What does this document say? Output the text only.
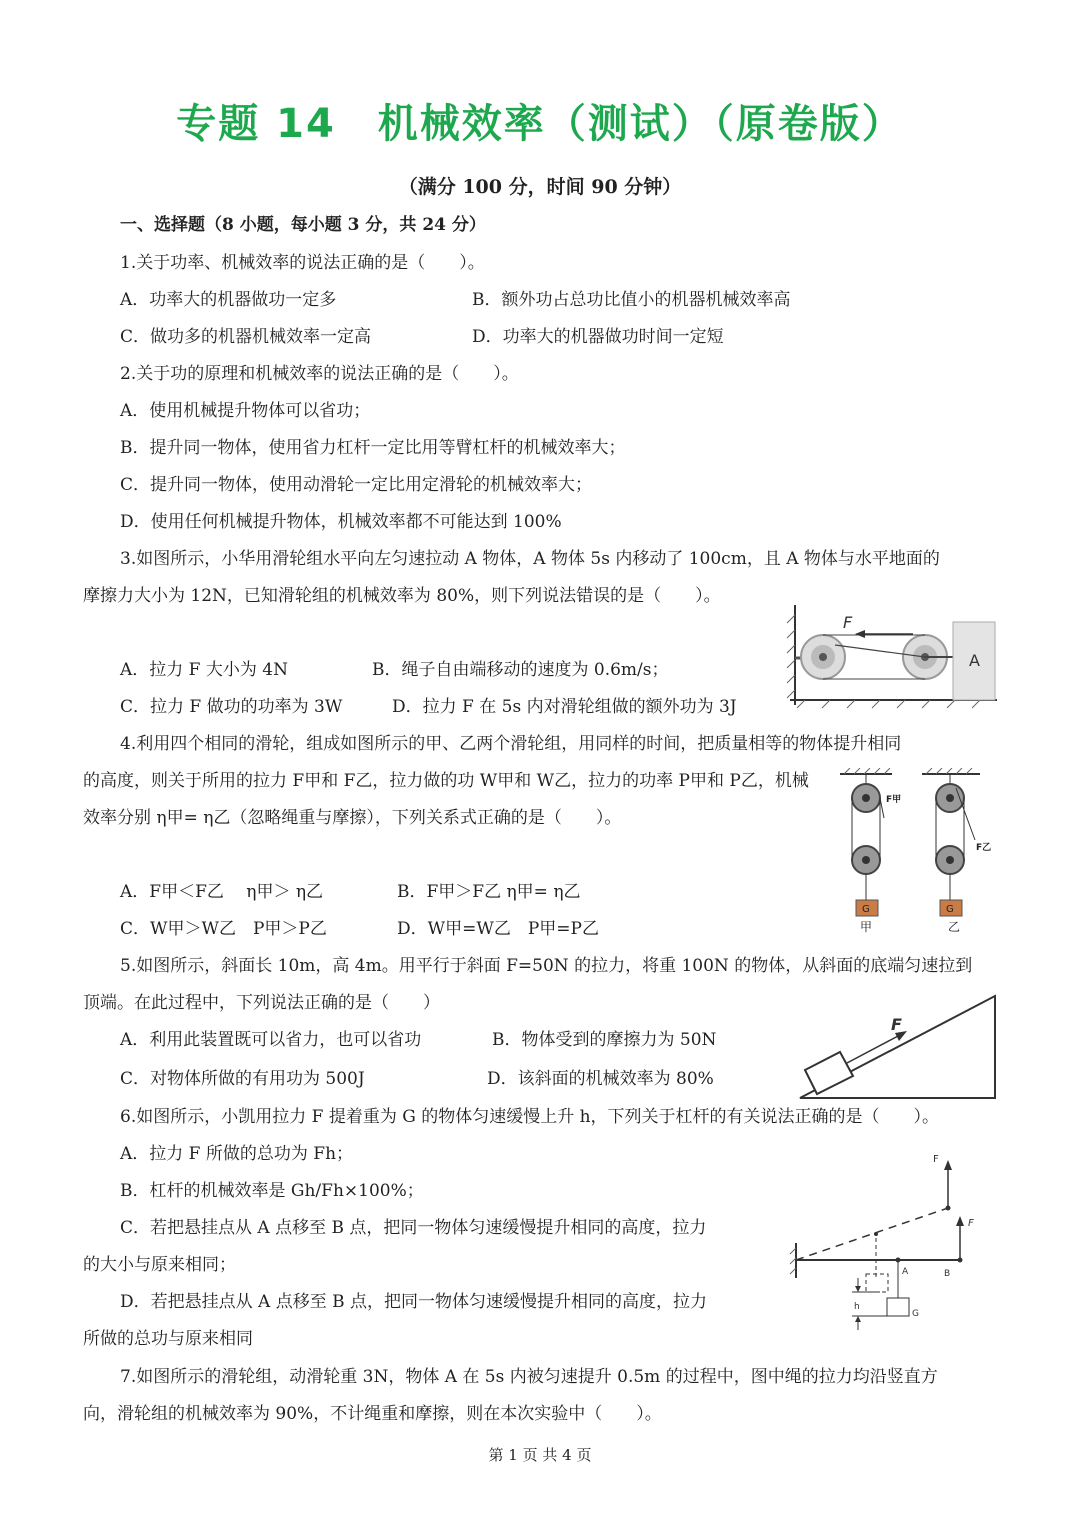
专题 14　机械效率（测试）（原卷版）
（满分 100 分，时间 90 分钟）
一、选择题（8 小题，每小题 3 分，共 24 分）
1.关于功率、机械效率的说法正确的是（　　）。
A．功率大的机器做功一定多	B．额外功占总功比值小的机器机械效率高
C．做功多的机器机械效率一定高	D．功率大的机器做功时间一定短
2.关于功的原理和机械效率的说法正确的是（　　）。
A．使用机械提升物体可以省功；
B．提升同一物体，使用省力杠杆一定比用等臂杠杆的机械效率大；
C．提升同一物体，使用动滑轮一定比用定滑轮的机械效率大；
D．使用任何机械提升物体，机械效率都不可能达到 100%
3.如图所示，小华用滑轮组水平向左匀速拉动 A 物体，A 物体 5s 内移动了 100cm，且 A 物体与水平地面的
摩擦力大小为 12N，已知滑轮组的机械效率为 80%，则下列说法错误的是（　　）。
A．拉力 F 大小为 4N	B．绳子自由端移动的速度为 0.6m/s；
C．拉力 F 做功的功率为 3W	D．拉力 F 在 5s 内对滑轮组做的额外功为 3J
F
A
4.利用四个相同的滑轮，组成如图所示的甲、乙两个滑轮组，用同样的时间，把质量相等的物体提升相同
的高度，则关于所用的拉力 F甲和 F乙，拉力做的功 W甲和 W乙，拉力的功率 P甲和 P乙，机械
效率分别 η甲= η乙（忽略绳重与摩擦），下列关系式正确的是（　　）。
A．F甲＜F乙　 η甲＞ η乙	B．F甲＞F乙 η甲= η乙
C．W甲＞W乙　P甲＞P乙	D．W甲=W乙　P甲=P乙
G
F甲
甲
G
F乙
乙
5.如图所示，斜面长 10m，高 4m。用平行于斜面 F=50N 的拉力，将重 100N 的物体，从斜面的底端匀速拉到
顶端。在此过程中，下列说法正确的是（　　）
A．利用此装置既可以省力，也可以省功	B．物体受到的摩擦力为 50N
C．对物体所做的有用功为 500J	D．该斜面的机械效率为 80%
F
6.如图所示，小凯用拉力 F 提着重为 G 的物体匀速缓慢上升 h，下列关于杠杆的有关说法正确的是（　　）。
A．拉力 F 所做的总功为 Fh；
B．杠杆的机械效率是 Gh/Fh×100%；
C．若把悬挂点从 A 点移至 B 点，把同一物体匀速缓慢提升相同的高度，拉力
的大小与原来相同；
D．若把悬挂点从 A 点移至 B 点，把同一物体匀速缓慢提升相同的高度，拉力
所做的总功与原来相同
F
F
A	B
G
h
7.如图所示的滑轮组，动滑轮重 3N，物体 A 在 5s 内被匀速提升 0.5m 的过程中，图中绳的拉力均沿竖直方
向，滑轮组的机械效率为 90%，不计绳重和摩擦，则在本次实验中（　　）。
第 1 页 共 4 页
